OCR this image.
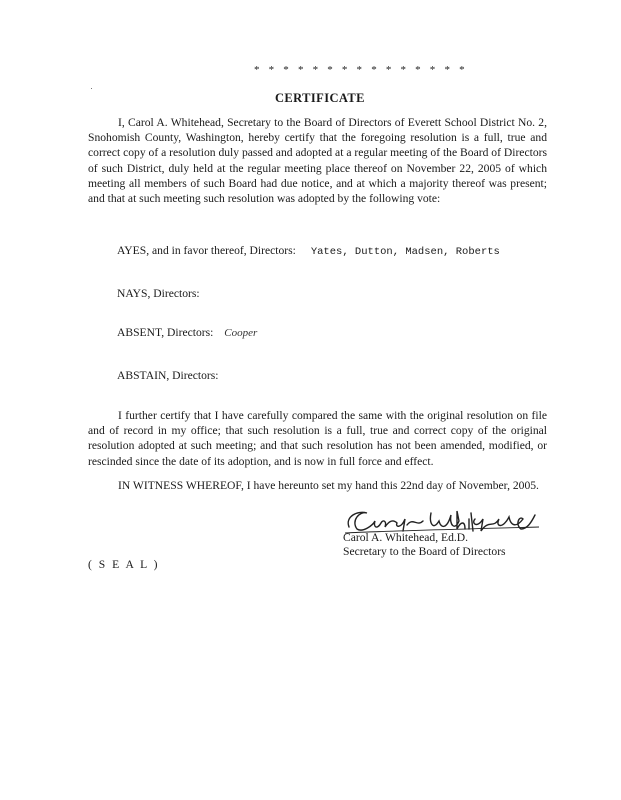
* * * * * * * * * * * * * * *
CERTIFICATE
I, Carol A. Whitehead, Secretary to the Board of Directors of Everett School District No. 2, Snohomish County, Washington, hereby certify that the foregoing resolution is a full, true and correct copy of a resolution duly passed and adopted at a regular meeting of the Board of Directors of such District, duly held at the regular meeting place thereof on November 22, 2005 of which meeting all members of such Board had due notice, and at which a majority thereof was present; and that at such meeting such resolution was adopted by the following vote:
AYES, and in favor thereof, Directors: Yates, Dutton, Madsen, Roberts
NAYS, Directors:
ABSENT, Directors: Cooper
ABSTAIN, Directors:
I further certify that I have carefully compared the same with the original resolution on file and of record in my office; that such resolution is a full, true and correct copy of the original resolution adopted at such meeting; and that such resolution has not been amended, modified, or rescinded since the date of its adoption, and is now in full force and effect.
IN WITNESS WHEREOF, I have hereunto set my hand this 22nd day of November, 2005.
Carol A. Whitehead, Ed.D.
Secretary to the Board of Directors
( S E A L )
